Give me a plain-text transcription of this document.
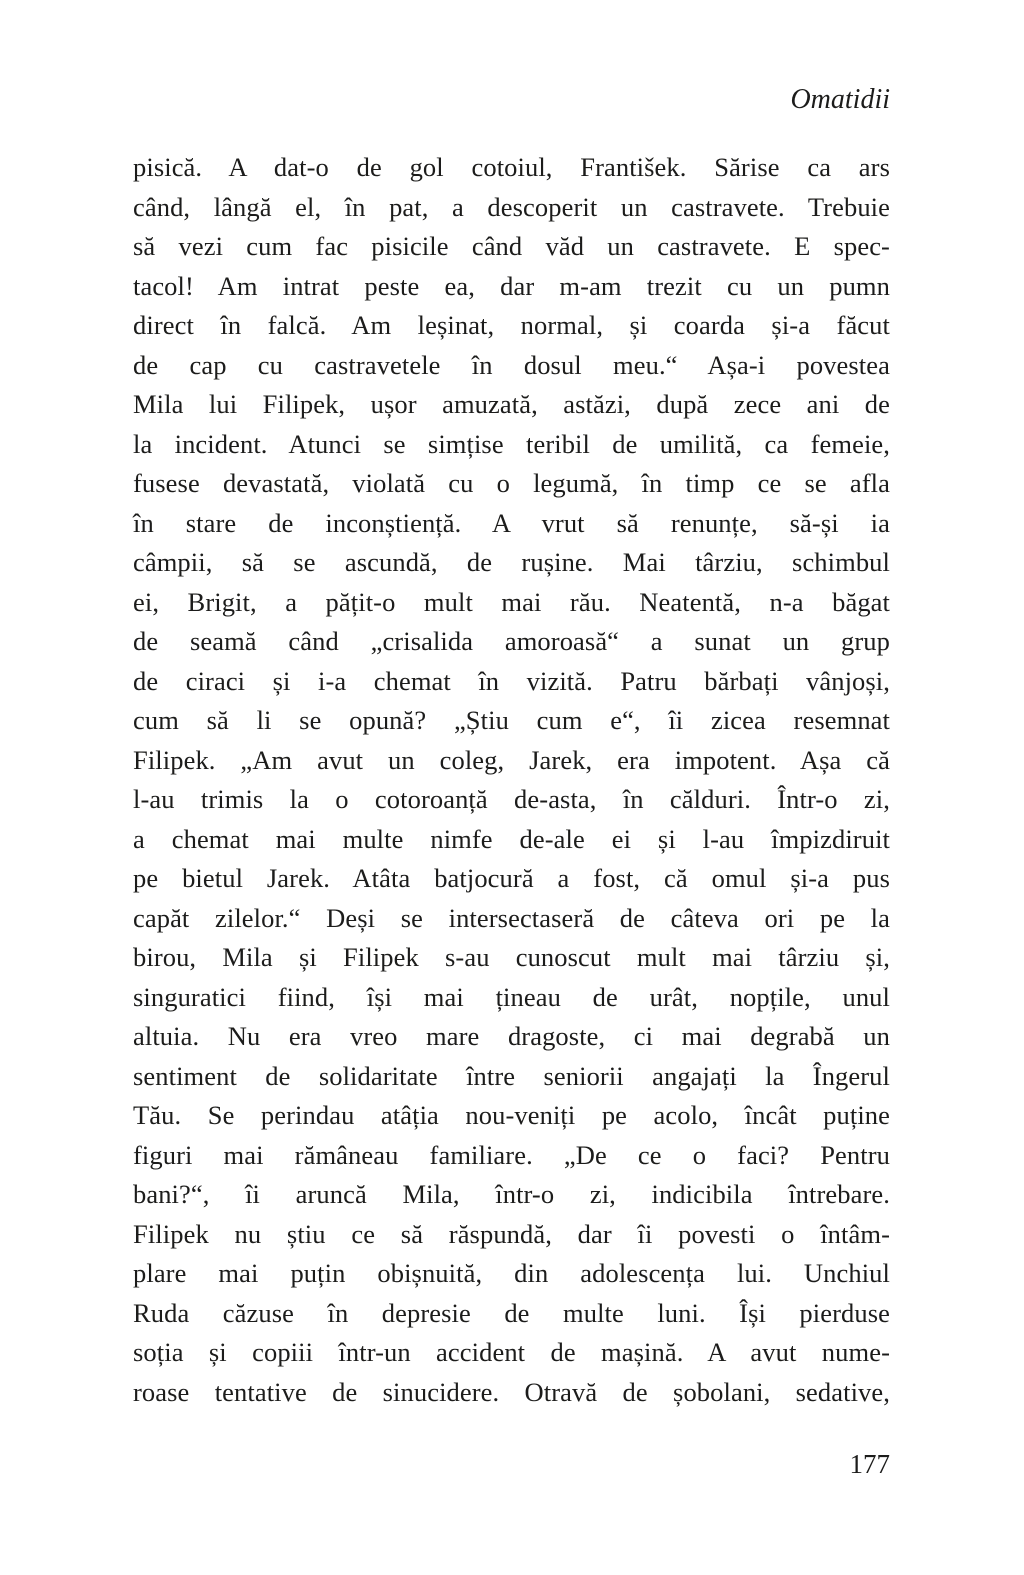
Omatidii
pisică. A dat-o de gol cotoiul, František. Sărise ca ars
când, lângă el, în pat, a descoperit un castravete. Trebuie
să vezi cum fac pisicile când văd un castravete. E spec-
tacol! Am intrat peste ea, dar m-am trezit cu un pumn
direct în falcă. Am leșinat, normal, și coarda și-a făcut
de cap cu castravetele în dosul meu.“ Așa-i povestea
Mila lui Filipek, ușor amuzată, astăzi, după zece ani de
la incident. Atunci se simțise teribil de umilită, ca femeie,
fusese devastată, violată cu o legumă, în timp ce se afla
în stare de inconștiență. A vrut să renunțe, să-și ia
câmpii, să se ascundă, de rușine. Mai târziu, schimbul
ei, Brigit, a pățit-o mult mai rău. Neatentă, n-a băgat
de seamă când „crisalida amoroasă“ a sunat un grup
de ciraci și i-a chemat în vizită. Patru bărbați vânjoși,
cum să li se opună? „Știu cum e“, îi zicea resemnat
Filipek. „Am avut un coleg, Jarek, era impotent. Așa că
l-au trimis la o cotoroanță de-asta, în călduri. Într-o zi,
a chemat mai multe nimfe de-ale ei și l-au împizdiruit
pe bietul Jarek. Atâta batjocură a fost, că omul și-a pus
capăt zilelor.“ Deși se intersectaseră de câteva ori pe la
birou, Mila și Filipek s-au cunoscut mult mai târziu și,
singuratici fiind, își mai țineau de urât, nopțile, unul
altuia. Nu era vreo mare dragoste, ci mai degrabă un
sentiment de solidaritate între seniorii angajați la Îngerul
Tău. Se perindau atâția nou-veniți pe acolo, încât puține
figuri mai rămâneau familiare. „De ce o faci? Pentru
bani?“, îi aruncă Mila, într-o zi, indicibila întrebare.
Filipek nu știu ce să răspundă, dar îi povesti o întâm-
plare mai puțin obișnuită, din adolescența lui. Unchiul
Ruda căzuse în depresie de multe luni. Își pierduse
soția și copiii într-un accident de mașină. A avut nume-
roase tentative de sinucidere. Otravă de șobolani, sedative,
177
